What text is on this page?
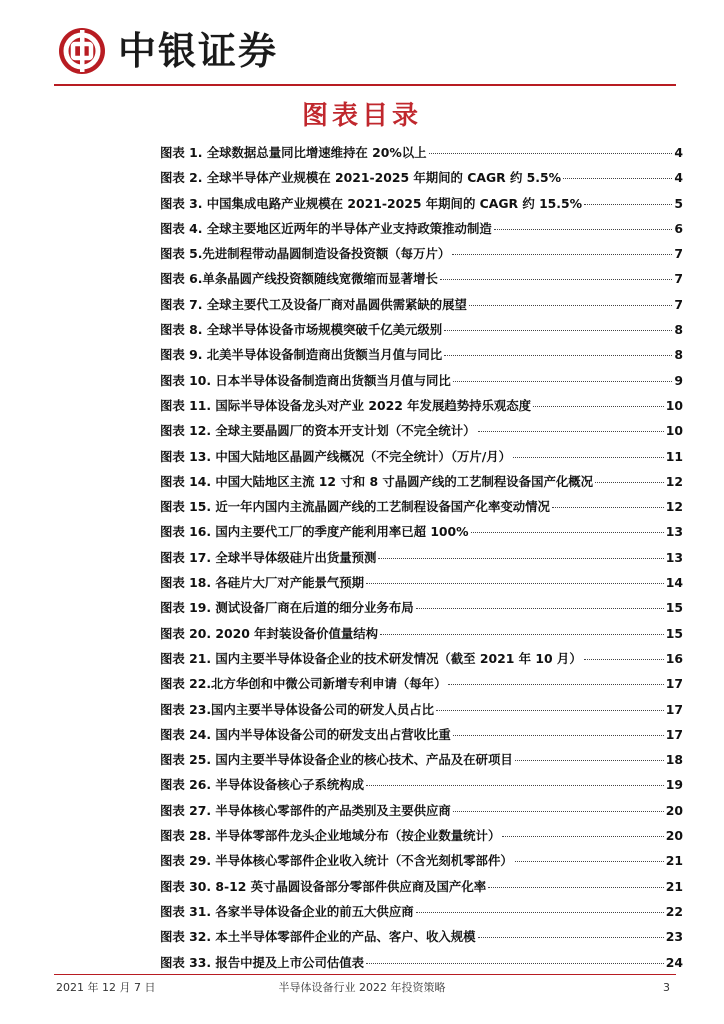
中银证券
图表目录
图表 1. 全球数据总量同比增速维持在 20%以上	4
图表 2. 全球半导体产业规模在 2021-2025 年期间的 CAGR 约 5.5%	4
图表 3. 中国集成电路产业规模在 2021-2025 年期间的 CAGR 约 15.5%	5
图表 4. 全球主要地区近两年的半导体产业支持政策推动制造	6
图表 5.先进制程带动晶圆制造设备投资额（每万片）	7
图表 6.单条晶圆产线投资额随线宽微缩而显著增长	7
图表 7. 全球主要代工及设备厂商对晶圆供需紧缺的展望	7
图表 8. 全球半导体设备市场规模突破千亿美元级别	8
图表 9. 北美半导体设备制造商出货额当月值与同比	8
图表 10. 日本半导体设备制造商出货额当月值与同比	9
图表 11. 国际半导体设备龙头对产业 2022 年发展趋势持乐观态度	10
图表 12. 全球主要晶圆厂的资本开支计划（不完全统计）	10
图表 13. 中国大陆地区晶圆产线概况（不完全统计）（万片/月）	11
图表 14. 中国大陆地区主流 12 寸和 8 寸晶圆产线的工艺制程设备国产化概况	12
图表 15. 近一年内国内主流晶圆产线的工艺制程设备国产化率变动情况	12
图表 16. 国内主要代工厂的季度产能利用率已超 100%	13
图表 17. 全球半导体级硅片出货量预测	13
图表 18. 各硅片大厂对产能景气预期	14
图表 19. 测试设备厂商在后道的细分业务布局	15
图表 20. 2020 年封装设备价值量结构	15
图表 21. 国内主要半导体设备企业的技术研发情况（截至 2021 年 10 月）	16
图表 22.北方华创和中微公司新增专利申请（每年）	17
图表 23.国内主要半导体设备公司的研发人员占比	17
图表 24. 国内半导体设备公司的研发支出占营收比重	17
图表 25. 国内主要半导体设备企业的核心技术、产品及在研项目	18
图表 26. 半导体设备核心子系统构成	19
图表 27. 半导体核心零部件的产品类别及主要供应商	20
图表 28. 半导体零部件龙头企业地域分布（按企业数量统计）	20
图表 29. 半导体核心零部件企业收入统计（不含光刻机零部件）	21
图表 30. 8-12 英寸晶圆设备部分零部件供应商及国产化率	21
图表 31. 各家半导体设备企业的前五大供应商	22
图表 32. 本土半导体零部件企业的产品、客户、收入规模	23
图表 33. 报告中提及上市公司估值表	24
2021 年 12 月 7 日	半导体设备行业 2022 年投资策略	3
